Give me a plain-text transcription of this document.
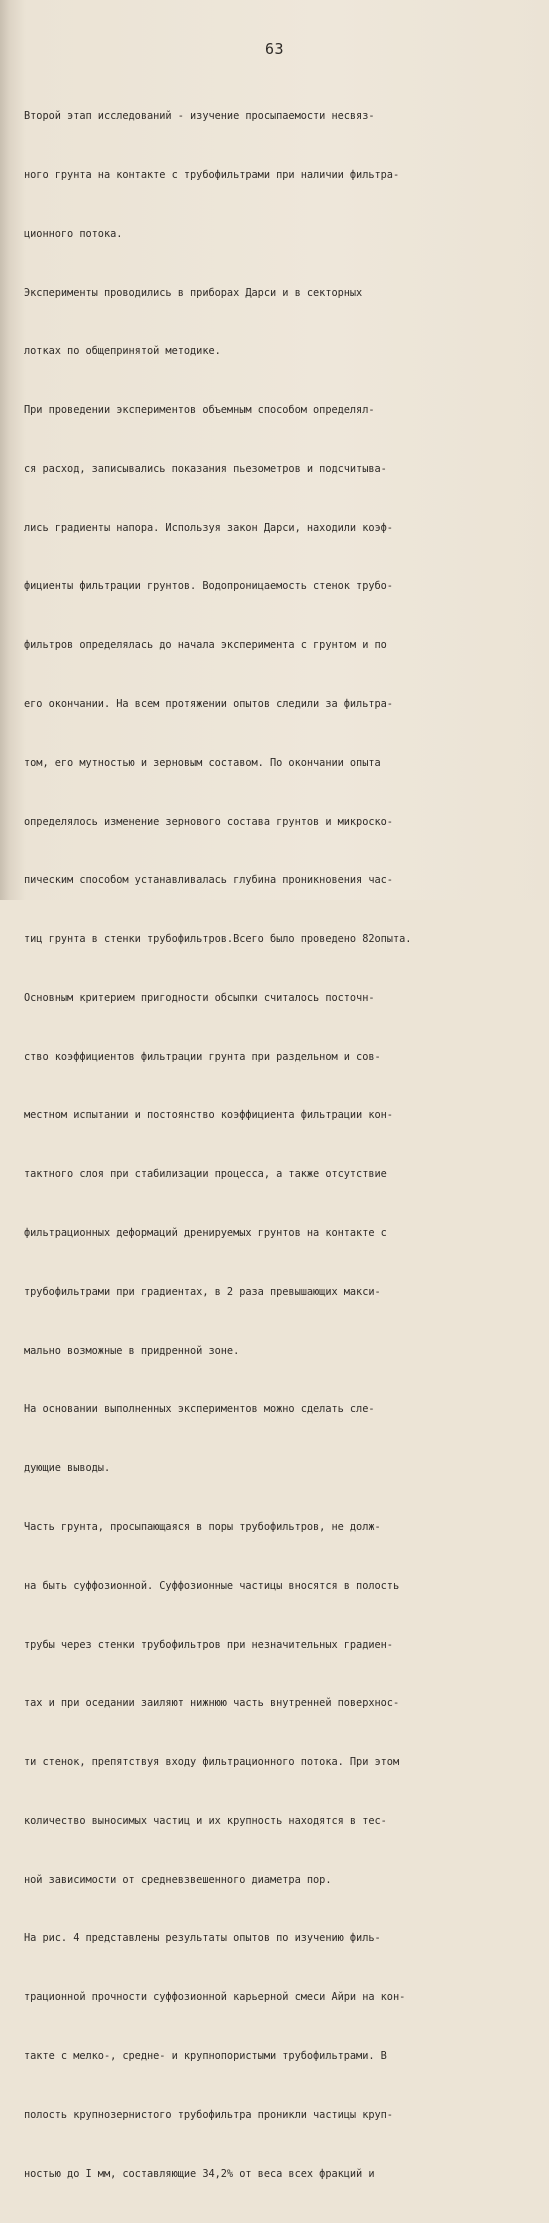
63

Второй этап исследований - изучение просыпаемости несвяз-

ного грунта на контакте с трубофильтрами при наличии фильтра-

ционного потока.

Эксперименты проводились в приборах Дарси и в секторных

лотках по общепринятой методике.

При проведении экспериментов объемным способом определял-

ся расход, записывались показания пьезометров и подсчитыва-

лись градиенты напора. Используя закон Дарси, находили коэф-

фициенты фильтрации грунтов. Водопроницаемость стенок трубо-

фильтров определялась до начала эксперимента с грунтом и по

его окончании. На всем протяжении опытов следили за фильтра-

том, его мутностью и зерновым составом. По окончании опыта

определялось изменение зернового состава грунтов и микроско-

пическим способом устанавливалась глубина проникновения час-

тиц грунта в стенки трубофильтров.Всего было проведено 82опыта.

Основным критерием пригодности обсыпки считалось посточн-

ство коэффициентов фильтрации грунта при раздельном и сов-

местном испытании и постоянство коэффициента фильтрации кон-

тактного слоя при стабилизации процесса, а также отсутствие

фильтрационных деформаций дренируемых грунтов на контакте с

трубофильтрами при градиентах, в 2 раза превышающих макси-

мально возможные в придренной зоне.

На основании выполненных экспериментов можно сделать сле-

дующие выводы.

Часть грунта, просыпающаяся в поры трубофильтров, не долж-

на быть суффозионной. Суффозионные частицы вносятся в полость

трубы через стенки трубофильтров при незначительных градиен-

тах и при оседании заиляют нижнюю часть внутренней поверхнос-

ти стенок, препятствуя входу фильтрационного потока. При этом

количество выносимых частиц и их крупность находятся в тес-

ной зависимости от средневзвешенного диаметра пор.

На рис. 4 представлены результаты опытов по изучению филь-

трационной прочности суффозионной карьерной смеси Айри на кон-

такте с мелко-, средне- и крупнопористыми трубофильтрами. В

полость крупнозернистого трубофильтра проникли частицы круп-

ностью до I мм, составляющие 34,2% от веса всех фракций и
